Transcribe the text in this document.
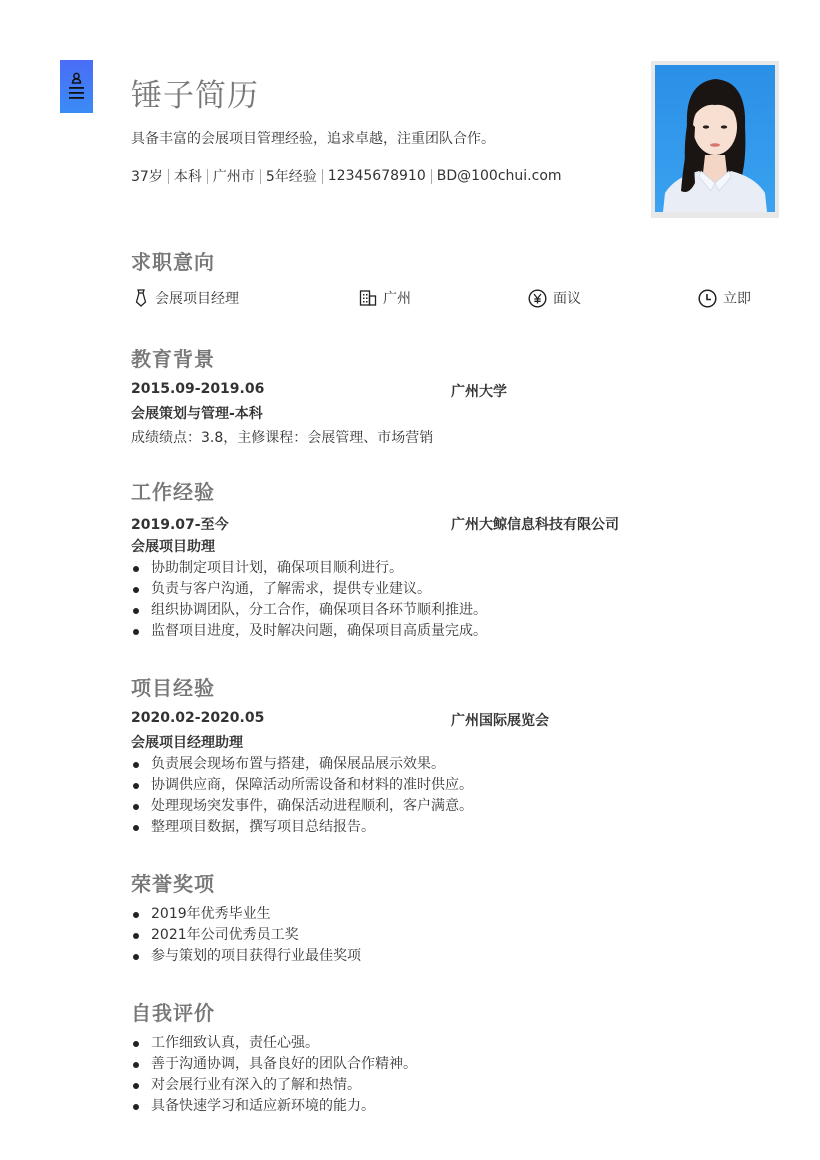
锤子简历
具备丰富的会展项目管理经验，追求卓越，注重团队合作。
37岁 本科 广州市 5年经验 12345678910 BD@100chui.com
求职意向
会展项目经理	广州	面议	立即
教育背景
2015.09-2019.06	广州大学
会展策划与管理-本科
成绩绩点：3.8，主修课程：会展管理、市场营销
工作经验
2019.07-至今	广州大鲸信息科技有限公司
会展项目助理
协助制定项目计划，确保项目顺利进行。
负责与客户沟通，了解需求，提供专业建议。
组织协调团队，分工合作，确保项目各环节顺利推进。
监督项目进度，及时解决问题，确保项目高质量完成。
项目经验
2020.02-2020.05	广州国际展览会
会展项目经理助理
负责展会现场布置与搭建，确保展品展示效果。
协调供应商，保障活动所需设备和材料的准时供应。
处理现场突发事件，确保活动进程顺利，客户满意。
整理项目数据，撰写项目总结报告。
荣誉奖项
2019年优秀毕业生
2021年公司优秀员工奖
参与策划的项目获得行业最佳奖项
自我评价
工作细致认真，责任心强。
善于沟通协调，具备良好的团队合作精神。
对会展行业有深入的了解和热情。
具备快速学习和适应新环境的能力。
